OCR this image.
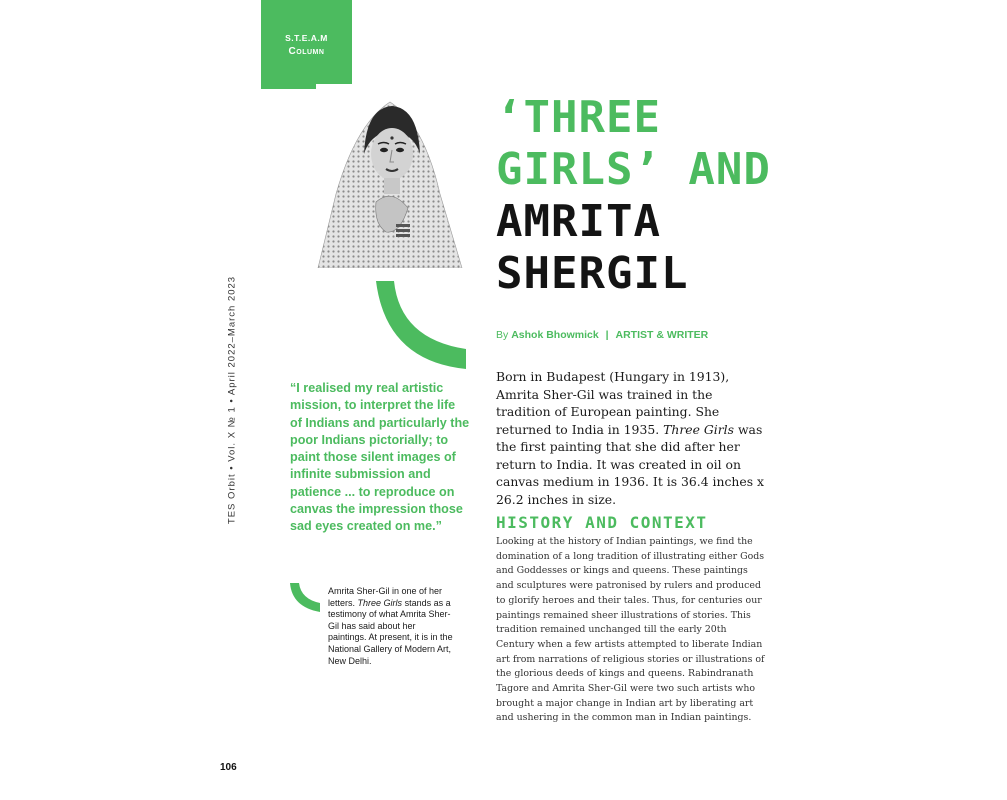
S.T.E.A.M
Column
TES Orbit • Vol. X № 1 • April 2022–March 2023
‘THREE
GIRLS’ AND
AMRITA
SHERGIL
By Ashok Bhowmick | ARTIST & WRITER

Born in Budapest (Hungary in 1913), Amrita Sher-Gil was trained in the tradition of European painting. She returned to India in 1935. Three Girls was the first painting that she did after her return to India. It was created in oil on canvas medium in 1936. It is 36.4 inches x 26.2 inches in size.

HISTORY AND CONTEXT

Looking at the history of Indian paintings, we find the domination of a long tradition of illustrating either Gods and Goddesses or kings and queens. These paintings and sculptures were patronised by rulers and produced to glorify heroes and their tales. Thus, for centuries our paintings remained sheer illustrations of stories. This tradition remained unchanged till the early 20th Century when a few artists attempted to liberate Indian art from narrations of religious stories or illustrations of the glorious deeds of kings and queens. Rabindranath Tagore and Amrita Sher-Gil were two such artists who brought a major change in Indian art by liberating art and ushering in the common man in Indian paintings.

“I realised my real artistic mission, to interpret the life of Indians and particularly the poor Indians pictorially; to paint those silent images of infinite submission and patience ... to reproduce on canvas the impression those sad eyes created on me.”

Amrita Sher-Gil in one of her letters. Three Girls stands as a testimony of what Amrita Sher-Gil has said about her paintings. At present, it is in the National Gallery of Modern Art, New Delhi.

106
